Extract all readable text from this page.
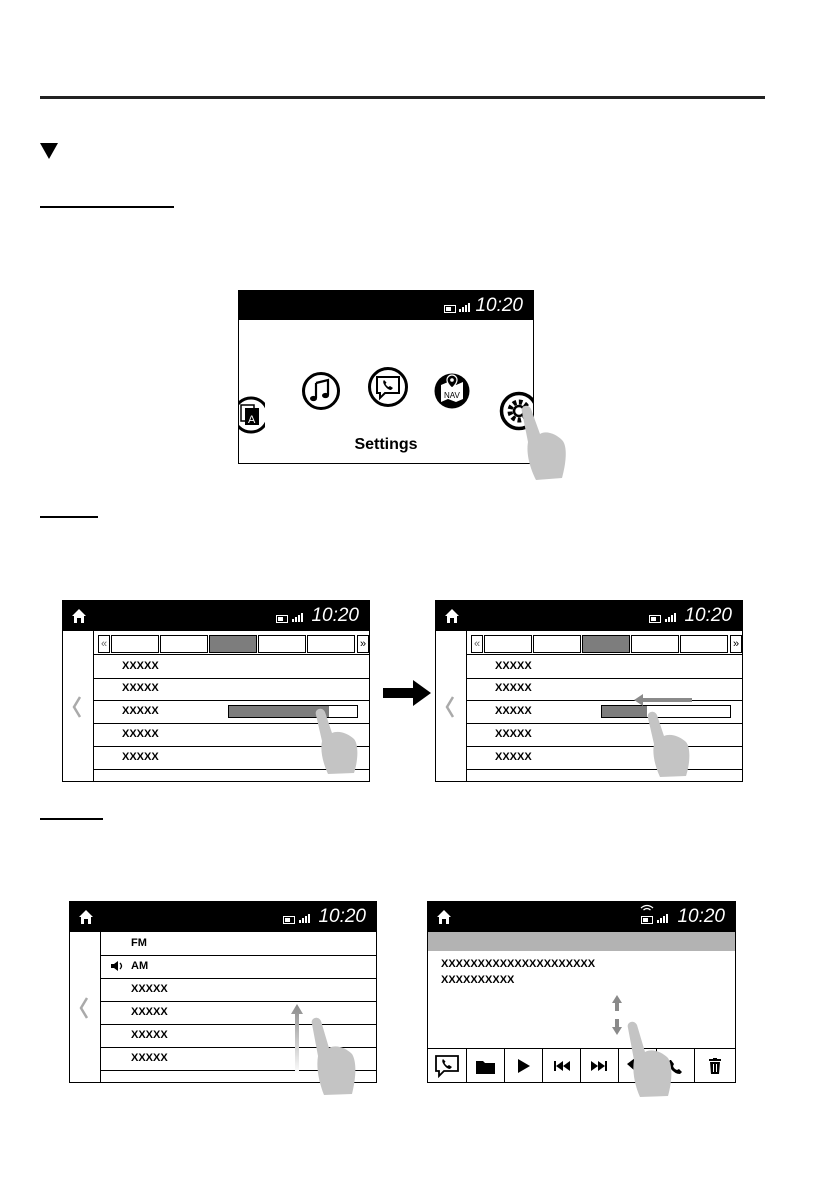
10:20
A
NAV
Settings
10:20
«	»
XXXXX
XXXXX
XXXXX
XXXXX
XXXXX
10:20
«	»
XXXXX
XXXXX
XXXXX
XXXXX
XXXXX
10:20
FM
AM
XXXXX
XXXXX
XXXXX
XXXXX
10:20
XXXXXXXXXXXXXXXXXXXXX
XXXXXXXXXX
